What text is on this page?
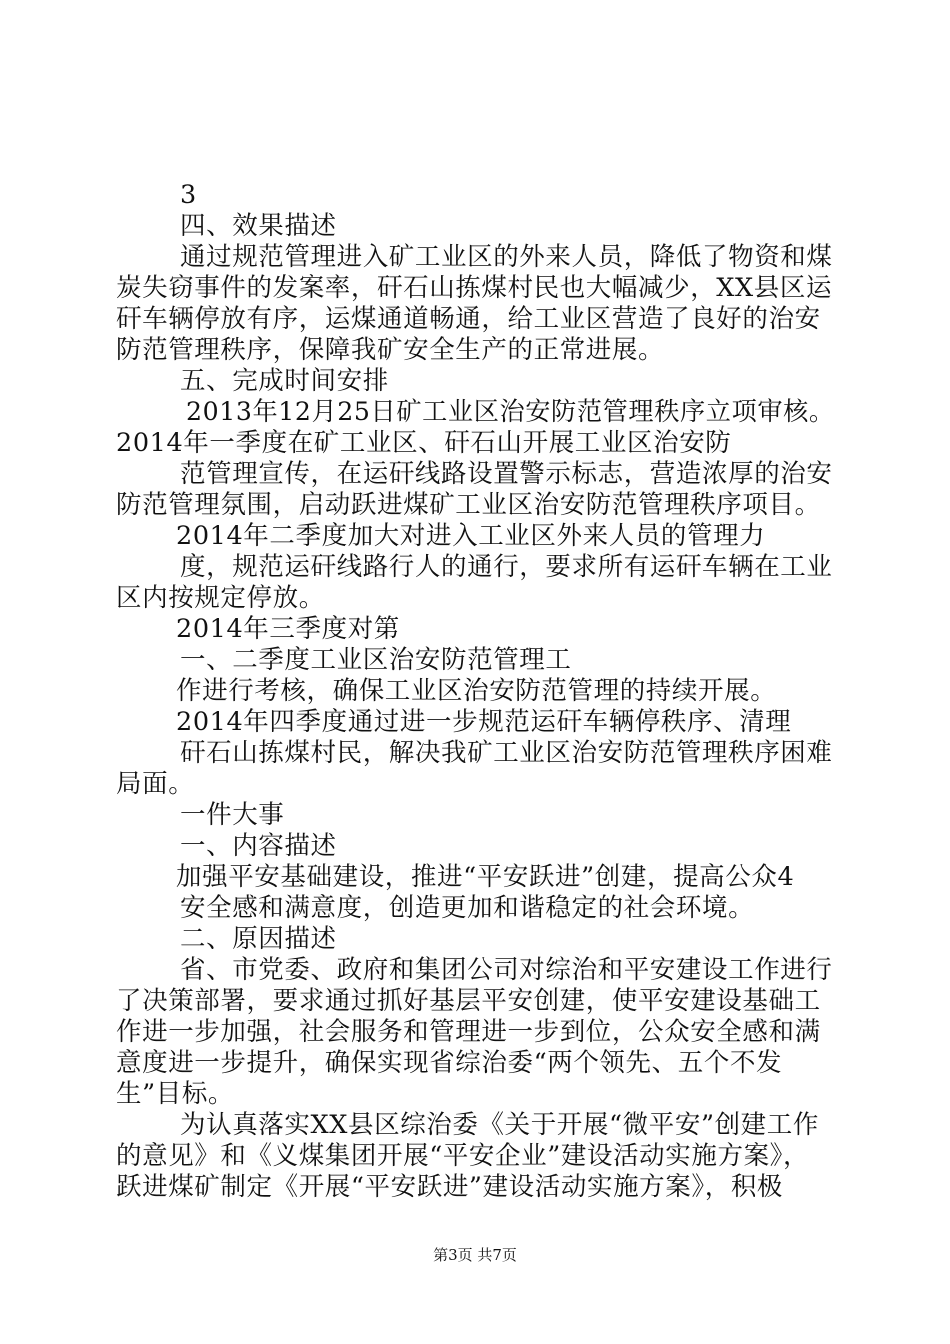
3
四、效果描述
通过规范管理进入矿工业区的外来人员，降低了物资和煤
炭失窃事件的发案率，矸石山拣煤村民也大幅减少，XX县区运
矸车辆停放有序，运煤通道畅通，给工业区营造了良好的治安
防范管理秩序，保障我矿安全生产的正常进展。
五、完成时间安排
2013年12月25日矿工业区治安防范管理秩序立项审核。
2014年一季度在矿工业区、矸石山开展工业区治安防
范管理宣传，在运矸线路设置警示标志，营造浓厚的治安
防范管理氛围，启动跃进煤矿工业区治安防范管理秩序项目。
2014年二季度加大对进入工业区外来人员的管理力
度，规范运矸线路行人的通行，要求所有运矸车辆在工业
区内按规定停放。
2014年三季度对第
一、二季度工业区治安防范管理工
作进行考核，确保工业区治安防范管理的持续开展。
2014年四季度通过进一步规范运矸车辆停秩序、清理
矸石山拣煤村民，解决我矿工业区治安防范管理秩序困难
局面。
一件大事
一、内容描述
加强平安基础建设，推进“平安跃进”创建，提高公众4
安全感和满意度，创造更加和谐稳定的社会环境。
二、原因描述
省、市党委、政府和集团公司对综治和平安建设工作进行
了决策部署，要求通过抓好基层平安创建，使平安建设基础工
作进一步加强，社会服务和管理进一步到位，公众安全感和满
意度进一步提升，确保实现省综治委“两个领先、五个不发
生”目标。
为认真落实XX县区综治委《关于开展“微平安”创建工作
的意见》和《义煤集团开展“平安企业”建设活动实施方案》，
跃进煤矿制定《开展“平安跃进”建设活动实施方案》，积极
第3页 共7页
